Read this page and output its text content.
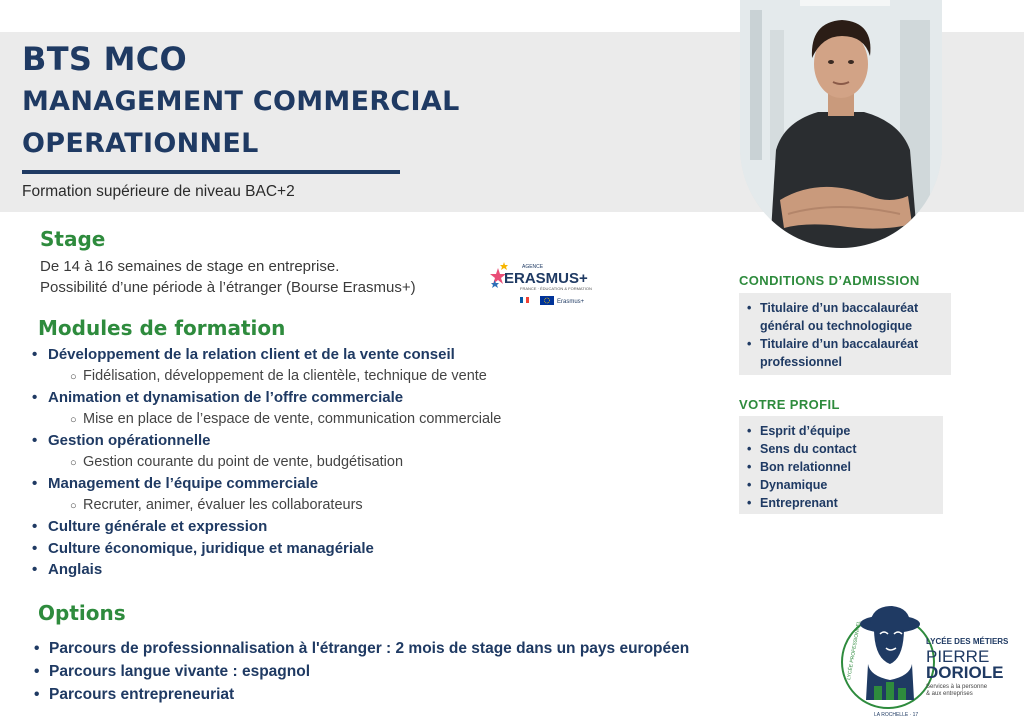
BTS MCO
MANAGEMENT COMMERCIAL
OPERATIONNEL
Formation supérieure de niveau BAC+2
Stage
De 14 à 16 semaines de stage en entreprise.
Possibilité d’une période à l’étranger (Bourse Erasmus+)
AGENCE
ERASMUS+
FRANCE · ÉDUCATION & FORMATION
Erasmus+
Modules de formation
• Développement de la relation client et de la vente conseil
○ Fidélisation, développement de la clientèle, technique de vente
• Animation et dynamisation de l’offre commerciale
○ Mise en place de l’espace de vente, communication commerciale
• Gestion opérationnelle
○ Gestion courante du point de vente, budgétisation
• Management de l’équipe commerciale
○ Recruter, animer, évaluer les collaborateurs
• Culture générale et expression
• Culture économique, juridique et managériale
• Anglais
Options
• Parcours de professionnalisation à l'étranger : 2 mois de stage dans un pays européen
• Parcours langue vivante : espagnol
• Parcours entrepreneuriat
CONDITIONS D’ADMISSION
• Titulaire d’un baccalauréat général ou technologique
• Titulaire d’un baccalauréat professionnel
VOTRE PROFIL
• Esprit d’équipe
• Sens du contact
• Bon relationnel
• Dynamique
• Entreprenant
LYCÉE PROFESSIONNEL
LA ROCHELLE · 17
LYCÉE DES MÉTIERS
PIERRE
DORIOLE
Services à la personne
& aux entreprises
